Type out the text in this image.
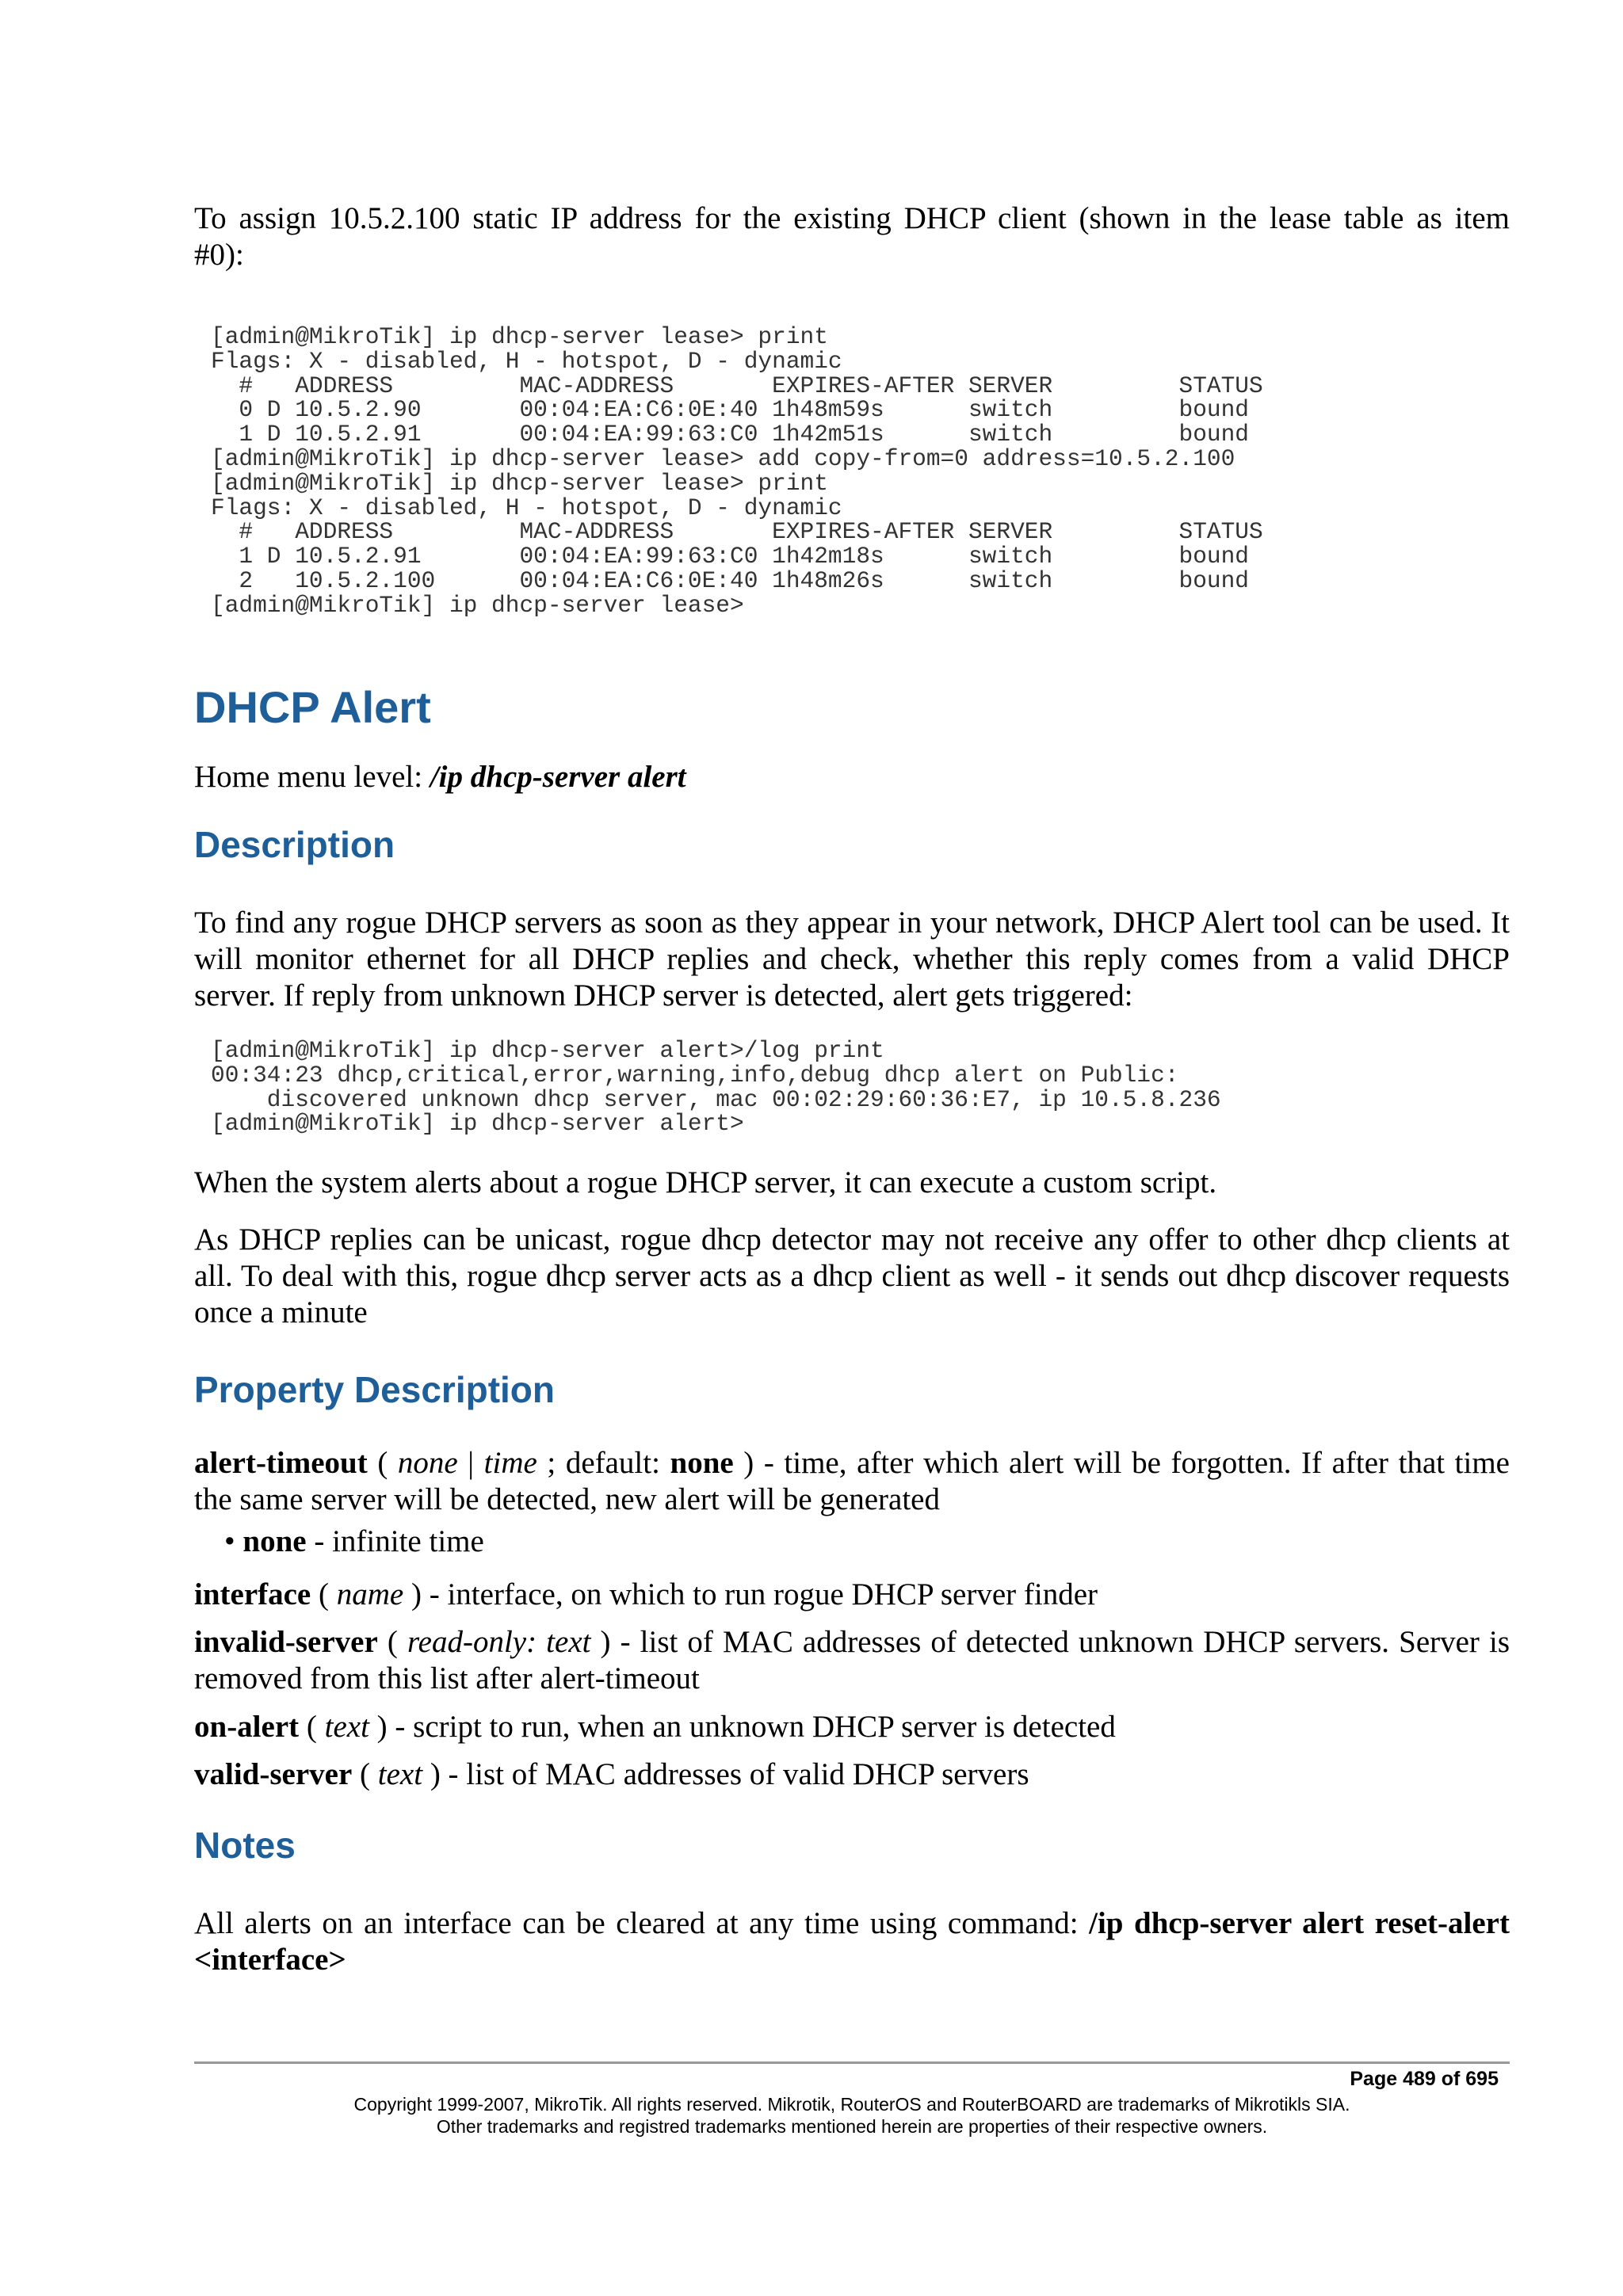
To assign 10.5.2.100 static IP address for the existing DHCP client (shown in the lease table as item

#0):

[admin@MikroTik] ip dhcp-server lease> print
Flags: X - disabled, H - hotspot, D - dynamic
#   ADDRESS         MAC-ADDRESS       EXPIRES-AFTER SERVER         STATUS
0 D 10.5.2.90       00:04:EA:C6:0E:40 1h48m59s      switch         bound
1 D 10.5.2.91       00:04:EA:99:63:C0 1h42m51s      switch         bound
[admin@MikroTik] ip dhcp-server lease> add copy-from=0 address=10.5.2.100
[admin@MikroTik] ip dhcp-server lease> print
Flags: X - disabled, H - hotspot, D - dynamic
#   ADDRESS         MAC-ADDRESS       EXPIRES-AFTER SERVER         STATUS
1 D 10.5.2.91       00:04:EA:99:63:C0 1h42m18s      switch         bound
2   10.5.2.100      00:04:EA:C6:0E:40 1h48m26s      switch         bound
[admin@MikroTik] ip dhcp-server lease>
DHCP Alert

Home menu level: /ip dhcp-server alert

Description

To find any rogue DHCP servers as soon as they appear in your network, DHCP Alert tool can be used. It will monitor ethernet for all DHCP replies and check, whether this reply comes from a valid DHCP server. If reply from unknown DHCP server is detected, alert gets triggered:

[admin@MikroTik] ip dhcp-server alert>/log print
00:34:23 dhcp,critical,error,warning,info,debug dhcp alert on Public:
discovered unknown dhcp server, mac 00:02:29:60:36:E7, ip 10.5.8.236
[admin@MikroTik] ip dhcp-server alert>

When the system alerts about a rogue DHCP server, it can execute a custom script.

As DHCP replies can be unicast, rogue dhcp detector may not receive any offer to other dhcp clients at all. To deal with this, rogue dhcp server acts as a dhcp client as well - it sends out dhcp discover requests once a minute

Property Description

alert-timeout ( none | time ; default: none ) - time, after which alert will be forgotten. If after that time the same server will be detected, new alert will be generated

• none - infinite time

interface ( name ) - interface, on which to run rogue DHCP server finder

invalid-server ( read-only: text ) - list of MAC addresses of detected unknown DHCP servers. Server is removed from this list after alert-timeout

on-alert ( text ) - script to run, when an unknown DHCP server is detected

valid-server ( text ) - list of MAC addresses of valid DHCP servers

Notes

All alerts on an interface can be cleared at any time using command: /ip dhcp-server alert reset-alert <interface>

Page 489 of 695
Copyright 1999-2007, MikroTik. All rights reserved. Mikrotik, RouterOS and RouterBOARD are trademarks of Mikrotikls SIA.
Other trademarks and registred trademarks mentioned herein are properties of their respective owners.
